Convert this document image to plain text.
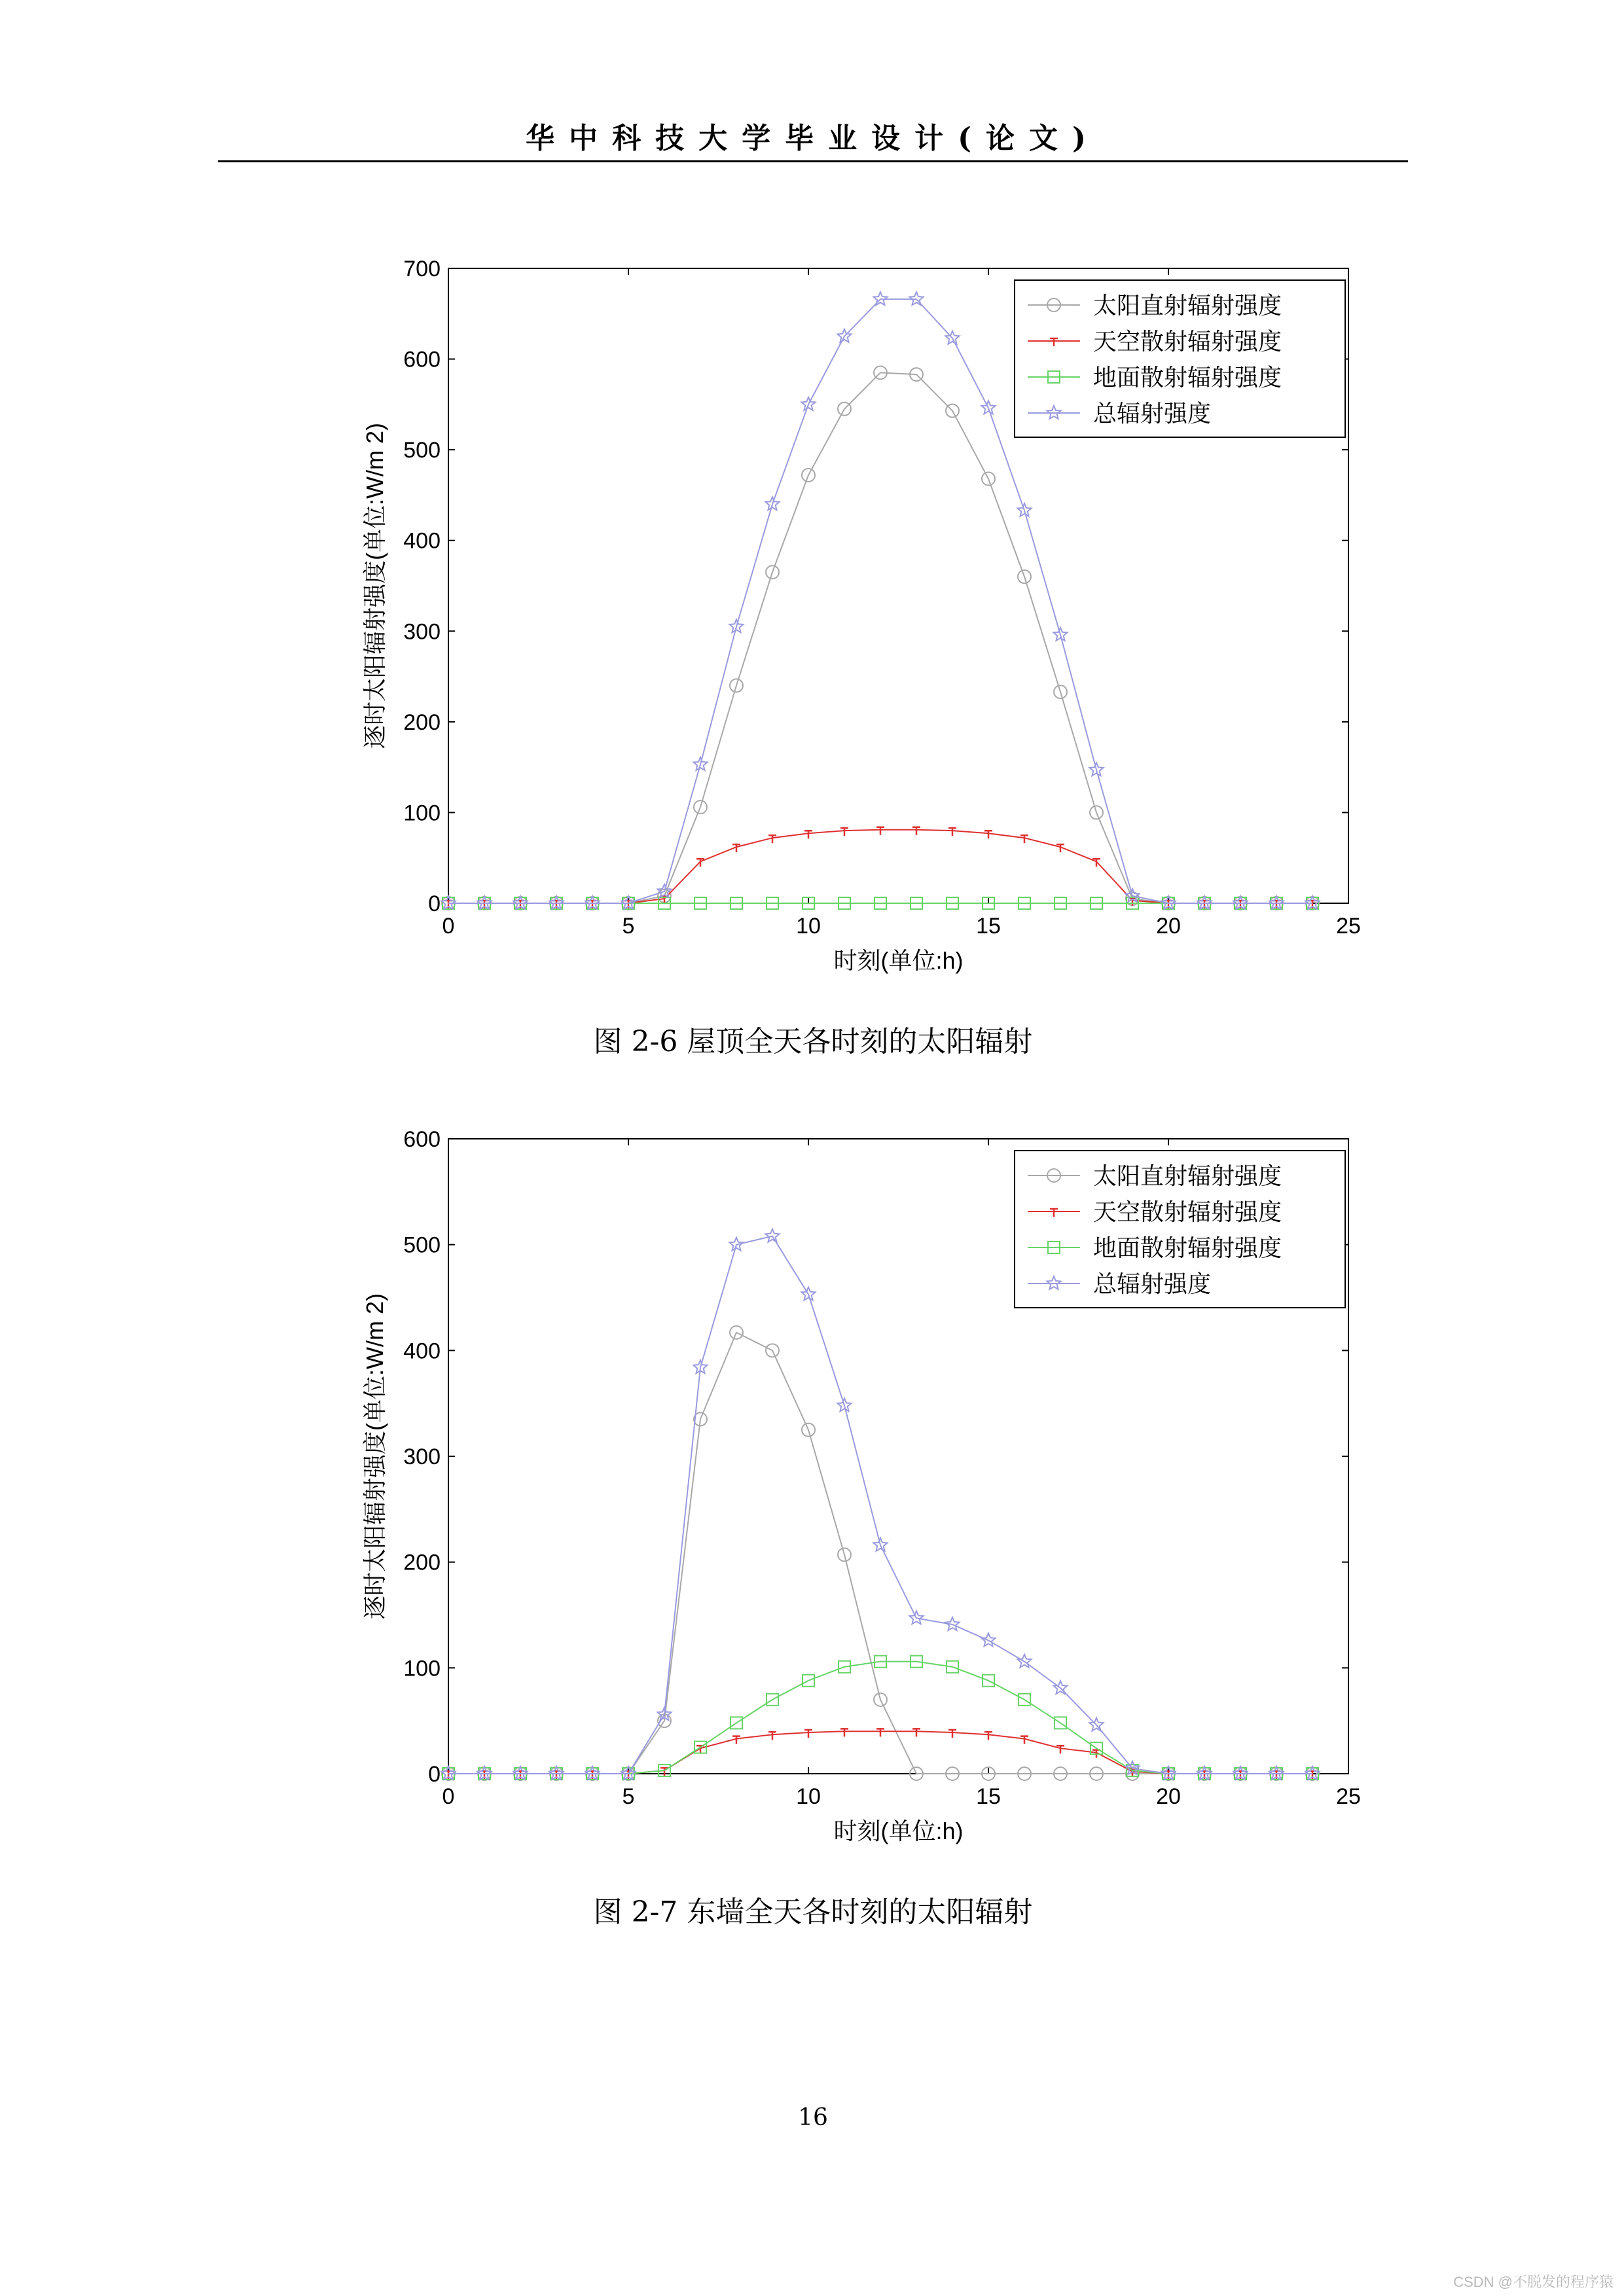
华中科技大学毕业设计(论文)
0	5	10	15	20	25
0
100
200
300
400
500
600
700
时刻(单位:h)
逐时太阳辐射强度(单位:W/m 2)
太阳直射辐射强度
天空散射辐射强度
地面散射辐射强度
总辐射强度
图 2-6 屋顶全天各时刻的太阳辐射
0	5	10	15	20	25
0
100
200
300
400
500
600
时刻(单位:h)
逐时太阳辐射强度(单位:W/m 2)
太阳直射辐射强度
天空散射辐射强度
地面散射辐射强度
总辐射强度
图 2-7 东墙全天各时刻的太阳辐射
16
CSDN @不脱发的程序猿
